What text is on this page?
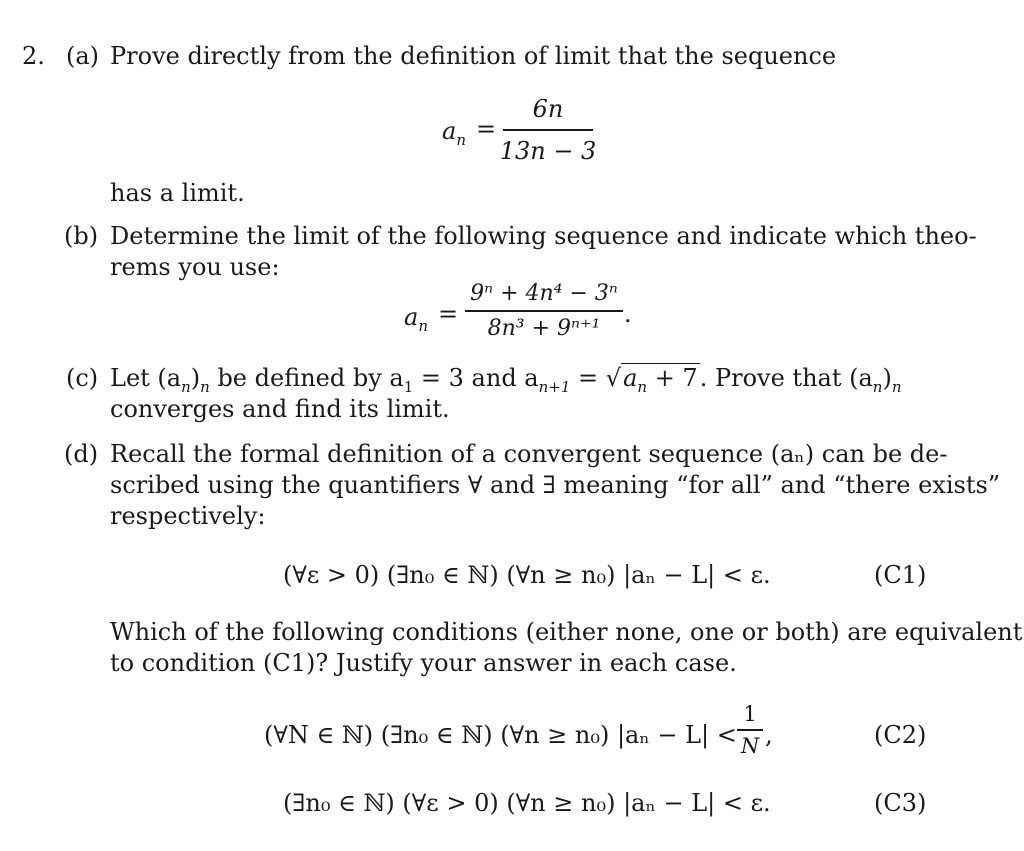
2. (a) Prove directly from the definition of limit that the sequence
$a_n$ =
6n
13n − 3
has a limit.
(b) Determine the limit of the following sequence and indicate which theo-
rems you use:
$a_n$ =
9ⁿ + 4n⁴ − 3ⁿ
8n³ + 9ⁿ⁺¹ .
(c) Let $(a_n)_n$ be defined by $a_1 = 3$ and $a_{n+1} = √a_n + 7$. Prove that $(a_n)_n$
converges and find its limit.
(d) Recall the formal definition of a convergent sequence (aₙ) can be de-
scribed using the quantifiers ∀ and ∃ meaning “for all” and “there exists”
respectively:
(∀ε > 0) (∃n₀ ∈ ℕ) (∀n ≥ n₀) |aₙ − L| < ε.	(C1)
Which of the following conditions (either none, one or both) are equivalent
to condition (C1)? Justify your answer in each case.
(∀N ∈ ℕ) (∃n₀ ∈ ℕ) (∀n ≥ n₀) |aₙ − L| <
1
N ,	(C2)
(∃n₀ ∈ ℕ) (∀ε > 0) (∀n ≥ n₀) |aₙ − L| < ε.	(C3)
